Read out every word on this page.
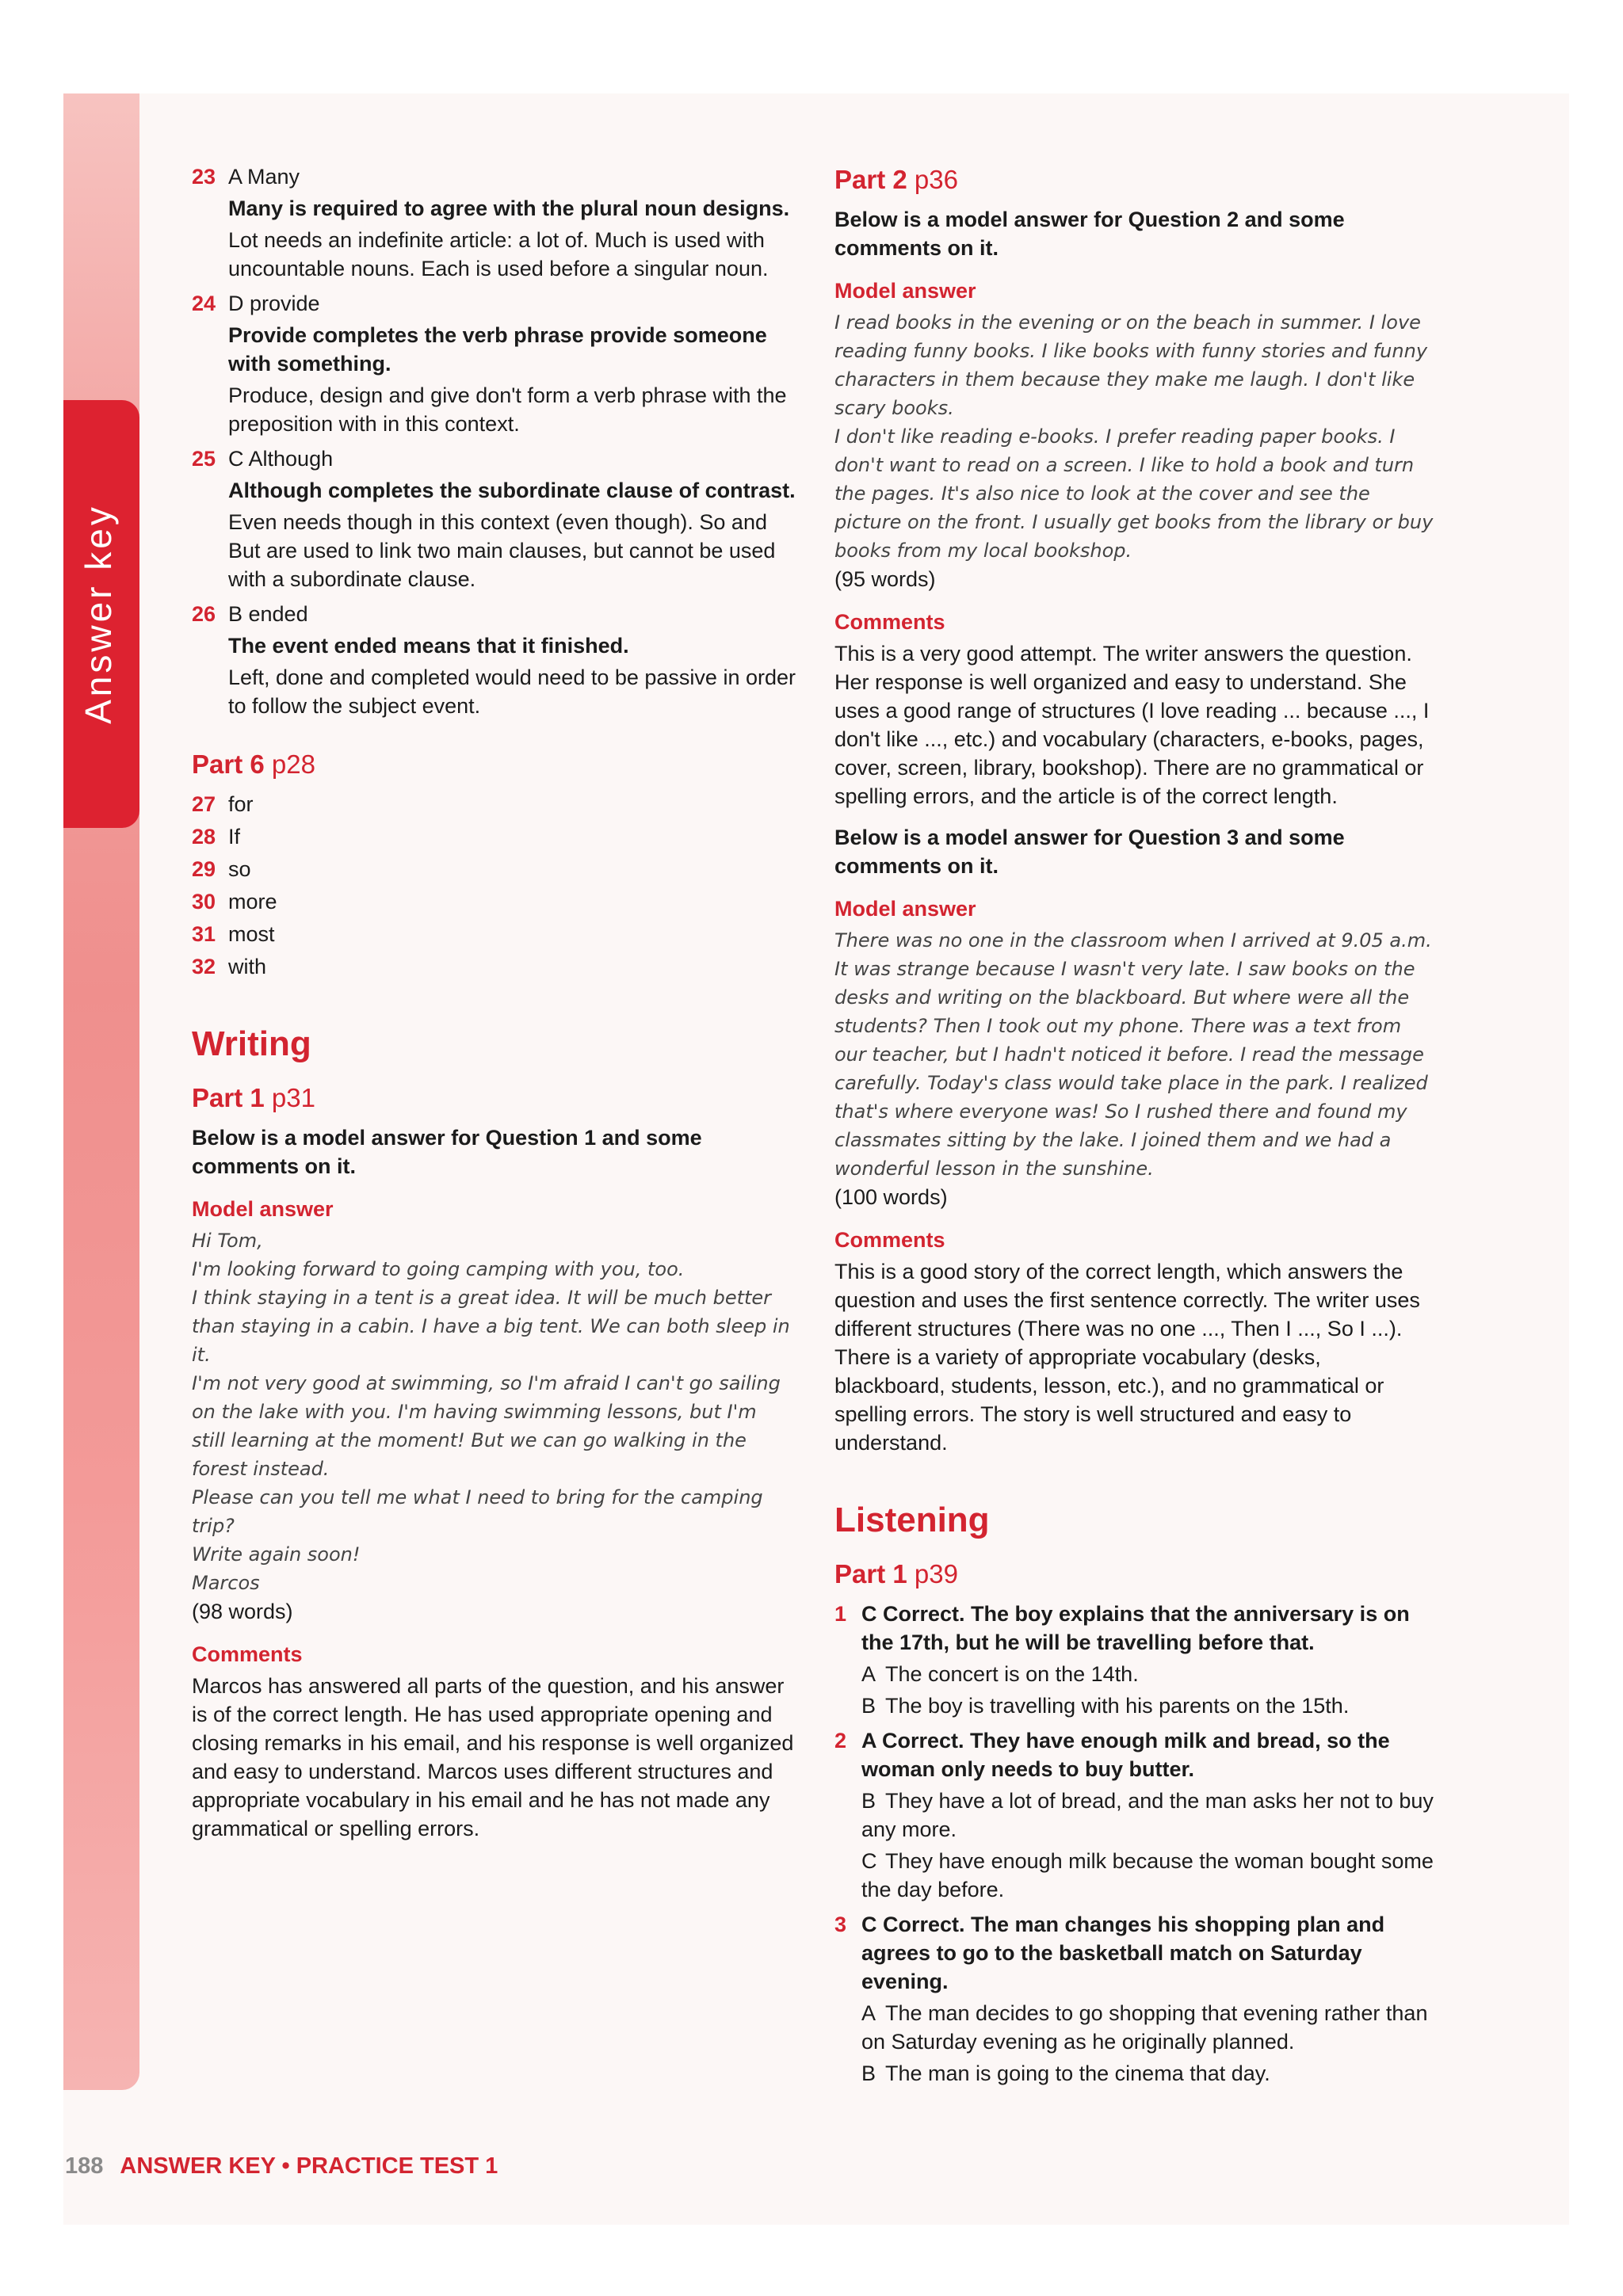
Answer key
23 A Many
Many is required to agree with the plural noun designs.
Lot needs an indefinite article: a lot of. Much is used with uncountable nouns. Each is used before a singular noun.
24 D provide
Provide completes the verb phrase provide someone with something.
Produce, design and give don't form a verb phrase with the preposition with in this context.
25 C Although
Although completes the subordinate clause of contrast.
Even needs though in this context (even though). So and But are used to link two main clauses, but cannot be used with a subordinate clause.
26 B ended
The event ended means that it finished.
Left, done and completed would need to be passive in order to follow the subject event.
Part 6 p28
27 for
28 If
29 so
30 more
31 most
32 with
Writing
Part 1 p31
Below is a model answer for Question 1 and some comments on it.
Model answer
Hi Tom,
I'm looking forward to going camping with you, too.
I think staying in a tent is a great idea. It will be much better than staying in a cabin. I have a big tent. We can both sleep in it.
I'm not very good at swimming, so I'm afraid I can't go sailing on the lake with you. I'm having swimming lessons, but I'm still learning at the moment! But we can go walking in the forest instead.
Please can you tell me what I need to bring for the camping trip?
Write again soon!
Marcos
(98 words)
Comments
Marcos has answered all parts of the question, and his answer is of the correct length. He has used appropriate opening and closing remarks in his email, and his response is well organized and easy to understand. Marcos uses different structures and appropriate vocabulary in his email and he has not made any grammatical or spelling errors.
Part 2 p36
Below is a model answer for Question 2 and some comments on it.
Model answer
I read books in the evening or on the beach in summer. I love reading funny books. I like books with funny stories and funny characters in them because they make me laugh. I don't like scary books.
I don't like reading e-books. I prefer reading paper books. I don't want to read on a screen. I like to hold a book and turn the pages. It's also nice to look at the cover and see the picture on the front. I usually get books from the library or buy books from my local bookshop.
(95 words)
Comments
This is a very good attempt. The writer answers the question. Her response is well organized and easy to understand. She uses a good range of structures (I love reading ... because ..., I don't like ..., etc.) and vocabulary (characters, e-books, pages, cover, screen, library, bookshop). There are no grammatical or spelling errors, and the article is of the correct length.
Below is a model answer for Question 3 and some comments on it.
Model answer
There was no one in the classroom when I arrived at 9.05 a.m. It was strange because I wasn't very late. I saw books on the desks and writing on the blackboard. But where were all the students? Then I took out my phone. There was a text from our teacher, but I hadn't noticed it before. I read the message carefully. Today's class would take place in the park. I realized that's where everyone was! So I rushed there and found my classmates sitting by the lake. I joined them and we had a wonderful lesson in the sunshine.
(100 words)
Comments
This is a good story of the correct length, which answers the question and uses the first sentence correctly. The writer uses different structures (There was no one ..., Then I ..., So I ...). There is a variety of appropriate vocabulary (desks, blackboard, students, lesson, etc.), and no grammatical or spelling errors. The story is well structured and easy to understand.
Listening
Part 1 p39
1 C Correct. The boy explains that the anniversary is on the 17th, but he will be travelling before that.
A The concert is on the 14th.
B The boy is travelling with his parents on the 15th.
2 A Correct. They have enough milk and bread, so the woman only needs to buy butter.
B They have a lot of bread, and the man asks her not to buy any more.
C They have enough milk because the woman bought some the day before.
3 C Correct. The man changes his shopping plan and agrees to go to the basketball match on Saturday evening.
A The man decides to go shopping that evening rather than on Saturday evening as he originally planned.
B The man is going to the cinema that day.
188 ANSWER KEY • PRACTICE TEST 1
